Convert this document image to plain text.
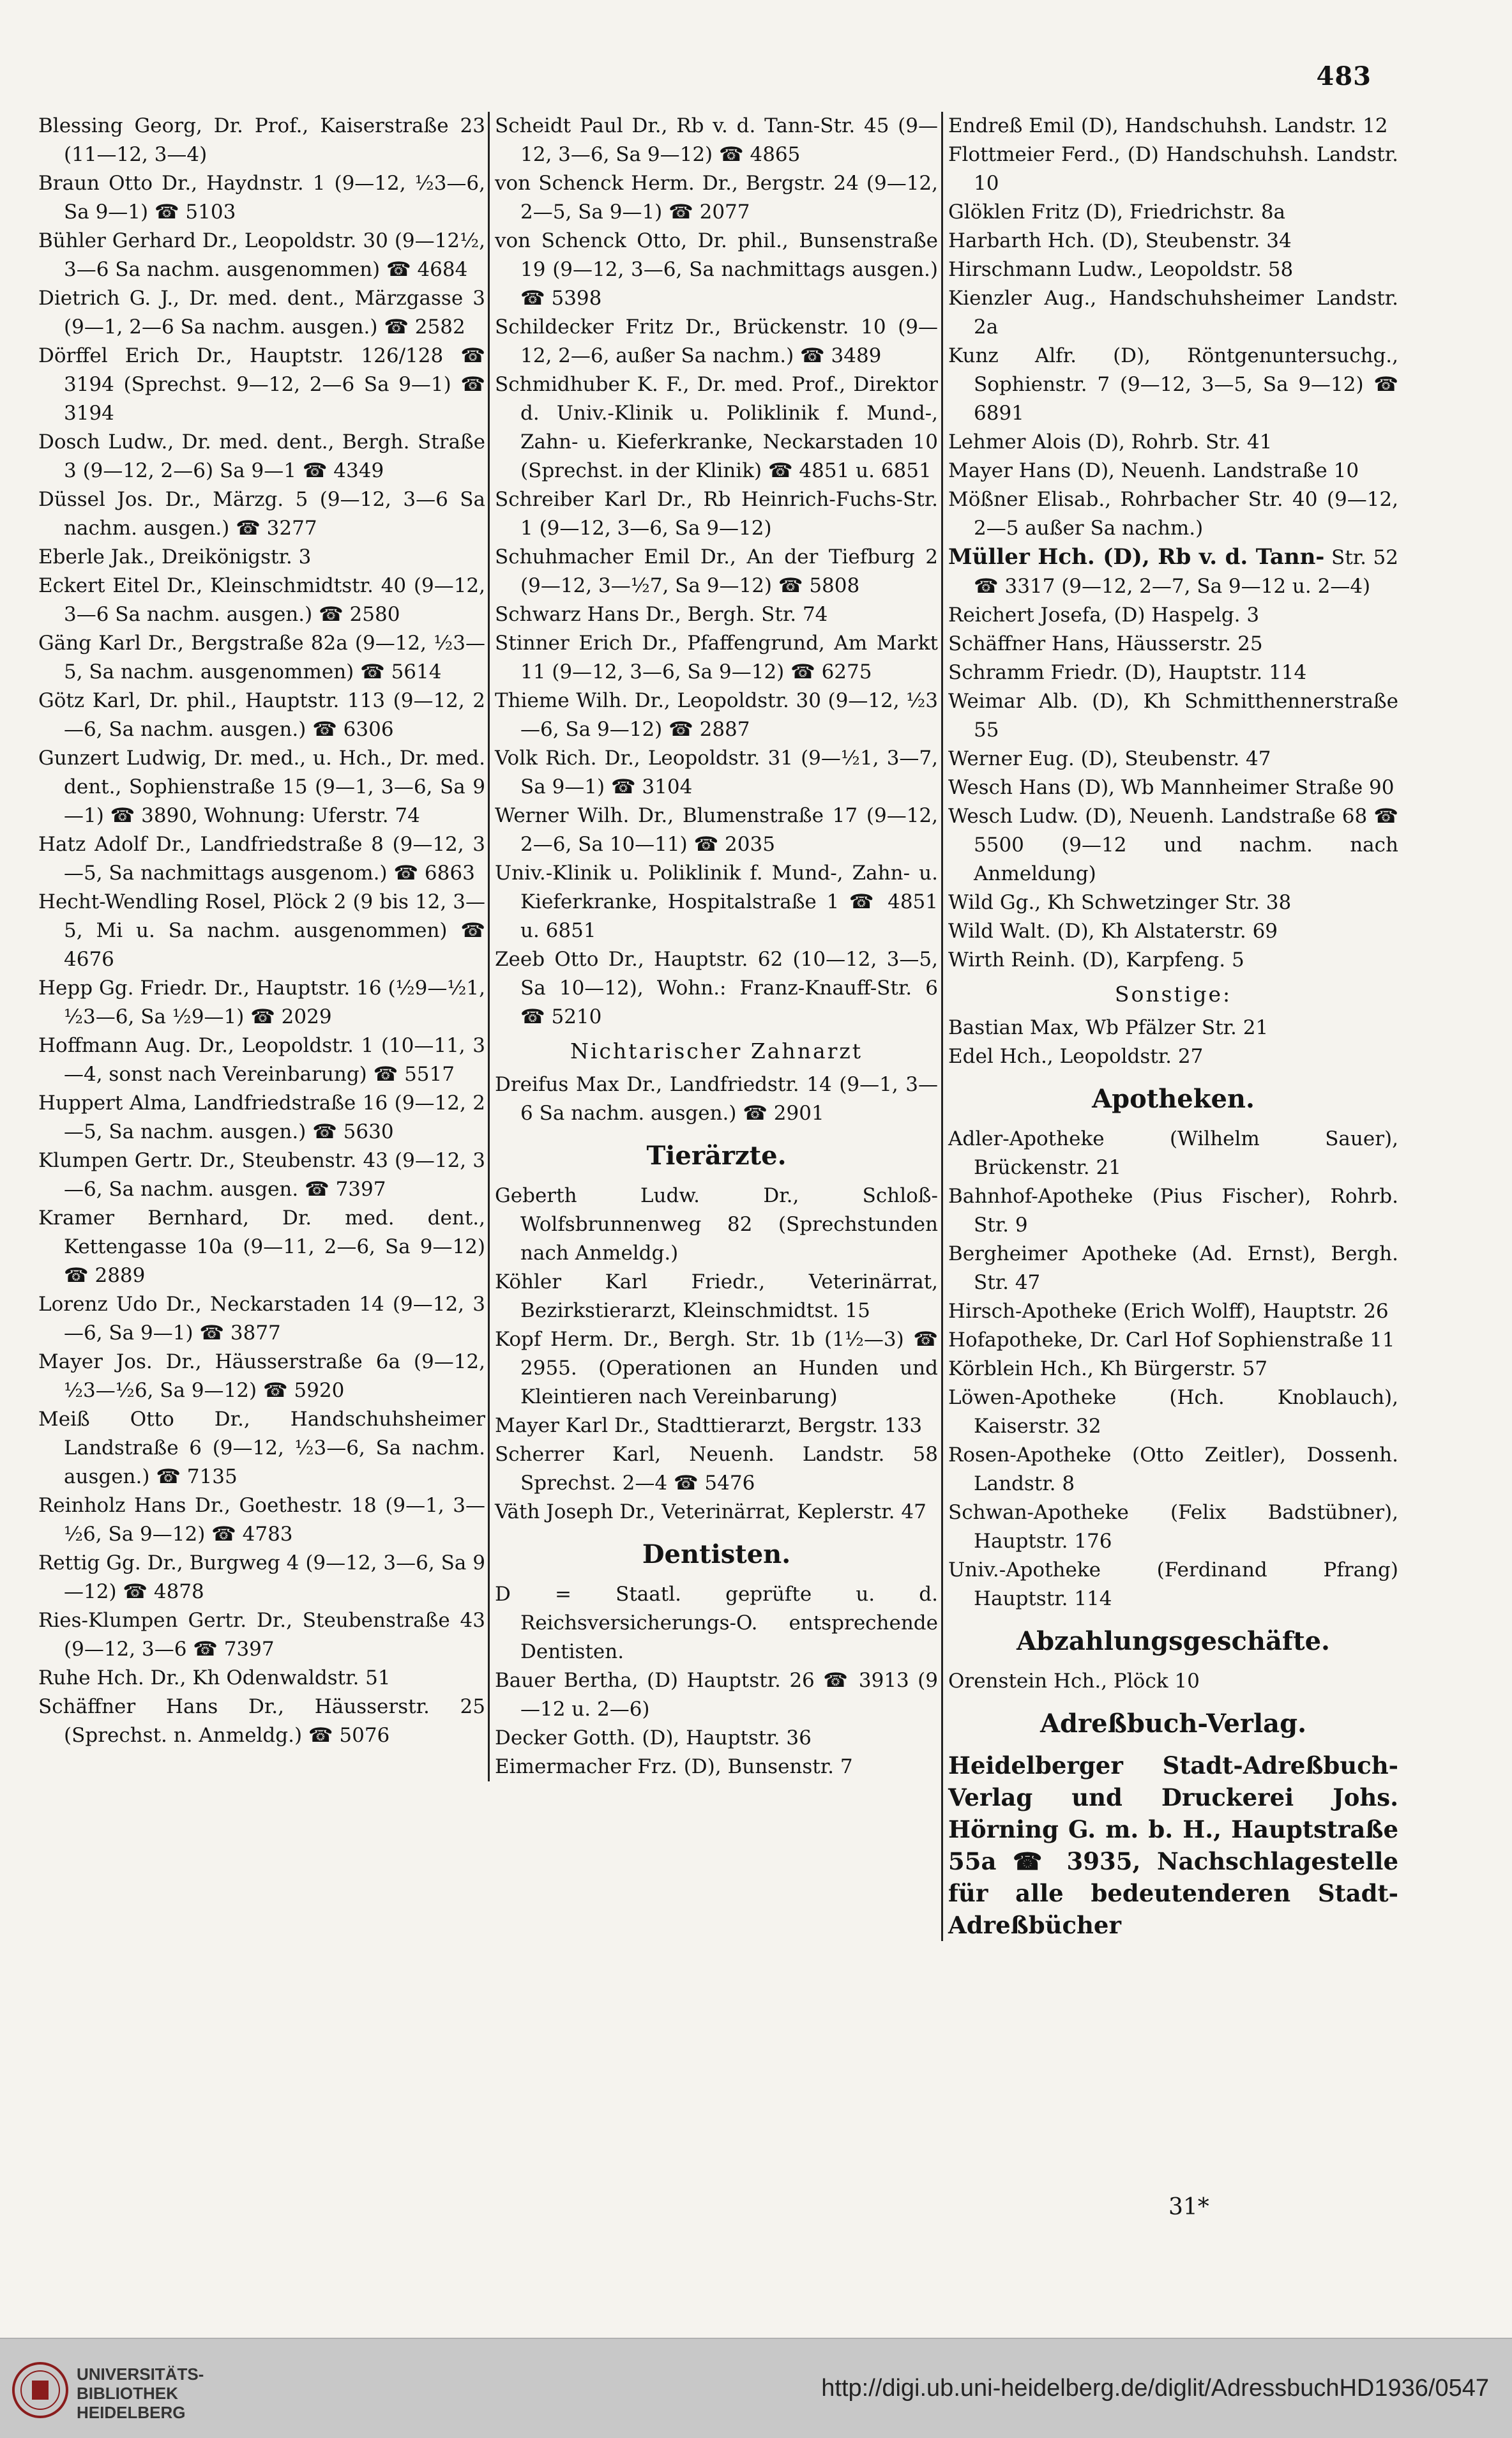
483

Blessing Georg, Dr. Prof., Kaiserstraße 23 (11—12, 3—4)

Braun Otto Dr., Haydnstr. 1 (9—12, ½3—6, Sa 9—1) ☎ 5103

Bühler Gerhard Dr., Leopoldstr. 30 (9—12½, 3—6 Sa nachm. ausgenommen) ☎ 4684

Dietrich G. J., Dr. med. dent., Märzgasse 3 (9—1, 2—6 Sa nachm. ausgen.) ☎ 2582

Dörffel Erich Dr., Hauptstr. 126/128 ☎ 3194 (Sprechst. 9—12, 2—6 Sa 9—1) ☎ 3194

Dosch Ludw., Dr. med. dent., Bergh. Straße 3 (9—12, 2—6) Sa 9—1 ☎ 4349

Düssel Jos. Dr., Märzg. 5 (9—12, 3—6 Sa nachm. ausgen.) ☎ 3277

Eberle Jak., Dreikönigstr. 3

Eckert Eitel Dr., Kleinschmidtstr. 40 (9—12, 3—6 Sa nachm. ausgen.) ☎ 2580

Gäng Karl Dr., Bergstraße 82a (9—12, ½3—5, Sa nachm. ausgenommen) ☎ 5614

Götz Karl, Dr. phil., Hauptstr. 113 (9—12, 2—6, Sa nachm. ausgen.) ☎ 6306

Gunzert Ludwig, Dr. med., u. Hch., Dr. med. dent., Sophienstraße 15 (9—1, 3—6, Sa 9—1) ☎ 3890, Wohnung: Uferstr. 74

Hatz Adolf Dr., Landfriedstraße 8 (9—12, 3—5, Sa nachmittags ausgenom.) ☎ 6863

Hecht-Wendling Rosel, Plöck 2 (9 bis 12, 3—5, Mi u. Sa nachm. ausgenommen) ☎ 4676

Hepp Gg. Friedr. Dr., Hauptstr. 16 (½9—½1, ½3—6, Sa ½9—1) ☎ 2029

Hoffmann Aug. Dr., Leopoldstr. 1 (10—11, 3—4, sonst nach Vereinbarung) ☎ 5517

Huppert Alma, Landfriedstraße 16 (9—12, 2—5, Sa nachm. ausgen.) ☎ 5630

Klumpen Gertr. Dr., Steubenstr. 43 (9—12, 3—6, Sa nachm. ausgen. ☎ 7397

Kramer Bernhard, Dr. med. dent., Kettengasse 10a (9—11, 2—6, Sa 9—12) ☎ 2889

Lorenz Udo Dr., Neckarstaden 14 (9—12, 3—6, Sa 9—1) ☎ 3877

Mayer Jos. Dr., Häusserstraße 6a (9—12, ½3—½6, Sa 9—12) ☎ 5920

Meiß Otto Dr., Handschuhsheimer Landstraße 6 (9—12, ½3—6, Sa nachm. ausgen.) ☎ 7135

Reinholz Hans Dr., Goethestr. 18 (9—1, 3—½6, Sa 9—12) ☎ 4783

Rettig Gg. Dr., Burgweg 4 (9—12, 3—6, Sa 9—12) ☎ 4878

Ries-Klumpen Gertr. Dr., Steubenstraße 43 (9—12, 3—6 ☎ 7397

Ruhe Hch. Dr., Kh Odenwaldstr. 51

Schäffner Hans Dr., Häusserstr. 25 (Sprechst. n. Anmeldg.) ☎ 5076

Scheidt Paul Dr., Rb v. d. Tann-Str. 45 (9—12, 3—6, Sa 9—12) ☎ 4865

von Schenck Herm. Dr., Bergstr. 24 (9—12, 2—5, Sa 9—1) ☎ 2077

von Schenck Otto, Dr. phil., Bunsenstraße 19 (9—12, 3—6, Sa nachmittags ausgen.) ☎ 5398

Schildecker Fritz Dr., Brückenstr. 10 (9—12, 2—6, außer Sa nachm.) ☎ 3489

Schmidhuber K. F., Dr. med. Prof., Direktor d. Univ.-Klinik u. Poliklinik f. Mund-, Zahn- u. Kieferkranke, Neckarstaden 10 (Sprechst. in der Klinik) ☎ 4851 u. 6851

Schreiber Karl Dr., Rb Heinrich-Fuchs-Str. 1 (9—12, 3—6, Sa 9—12)

Schuhmacher Emil Dr., An der Tiefburg 2 (9—12, 3—½7, Sa 9—12) ☎ 5808

Schwarz Hans Dr., Bergh. Str. 74

Stinner Erich Dr., Pfaffengrund, Am Markt 11 (9—12, 3—6, Sa 9—12) ☎ 6275

Thieme Wilh. Dr., Leopoldstr. 30 (9—12, ½3—6, Sa 9—12) ☎ 2887

Volk Rich. Dr., Leopoldstr. 31 (9—½1, 3—7, Sa 9—1) ☎ 3104

Werner Wilh. Dr., Blumenstraße 17 (9—12, 2—6, Sa 10—11) ☎ 2035

Univ.-Klinik u. Poliklinik f. Mund-, Zahn- u. Kieferkranke, Hospitalstraße 1 ☎ 4851 u. 6851

Zeeb Otto Dr., Hauptstr. 62 (10—12, 3—5, Sa 10—12), Wohn.: Franz-Knauff-Str. 6 ☎ 5210

Nichtarischer Zahnarzt

Dreifus Max Dr., Landfriedstr. 14 (9—1, 3—6 Sa nachm. ausgen.) ☎ 2901

Tierärzte.

Geberth Ludw. Dr., Schloß-Wolfsbrunnenweg 82 (Sprechstunden nach Anmeldg.)

Köhler Karl Friedr., Veterinärrat, Bezirkstierarzt, Kleinschmidtst. 15

Kopf Herm. Dr., Bergh. Str. 1b (1½—3) ☎ 2955. (Operationen an Hunden und Kleintieren nach Vereinbarung)

Mayer Karl Dr., Stadttierarzt, Bergstr. 133

Scherrer Karl, Neuenh. Landstr. 58 Sprechst. 2—4 ☎ 5476

Väth Joseph Dr., Veterinärrat, Keplerstr. 47

Dentisten.

D = Staatl. geprüfte u. d. Reichsversicherungs-O. entsprechende Dentisten.

Bauer Bertha, (D) Hauptstr. 26 ☎ 3913 (9—12 u. 2—6)

Decker Gotth. (D), Hauptstr. 36

Eimermacher Frz. (D), Bunsenstr. 7

Endreß Emil (D), Handschuhsh. Landstr. 12

Flottmeier Ferd., (D) Handschuhsh. Landstr. 10

Glöklen Fritz (D), Friedrichstr. 8a

Harbarth Hch. (D), Steubenstr. 34

Hirschmann Ludw., Leopoldstr. 58

Kienzler Aug., Handschuhsheimer Landstr. 2a

Kunz Alfr. (D), Röntgenuntersuchg., Sophienstr. 7 (9—12, 3—5, Sa 9—12) ☎ 6891

Lehmer Alois (D), Rohrb. Str. 41

Mayer Hans (D), Neuenh. Landstraße 10

Mößner Elisab., Rohrbacher Str. 40 (9—12, 2—5 außer Sa nachm.)

Müller Hch. (D), Rb v. d. Tann- Str. 52 ☎ 3317 (9—12, 2—7, Sa 9—12 u. 2—4)

Reichert Josefa, (D) Haspelg. 3

Schäffner Hans, Häusserstr. 25

Schramm Friedr. (D), Hauptstr. 114

Weimar Alb. (D), Kh Schmitthennerstraße 55

Werner Eug. (D), Steubenstr. 47

Wesch Hans (D), Wb Mannheimer Straße 90

Wesch Ludw. (D), Neuenh. Landstraße 68 ☎ 5500 (9—12 und nachm. nach Anmeldung)

Wild Gg., Kh Schwetzinger Str. 38

Wild Walt. (D), Kh Alstaterstr. 69

Wirth Reinh. (D), Karpfeng. 5

Sonstige:

Bastian Max, Wb Pfälzer Str. 21

Edel Hch., Leopoldstr. 27

Apotheken.

Adler-Apotheke (Wilhelm Sauer), Brückenstr. 21

Bahnhof-Apotheke (Pius Fischer), Rohrb. Str. 9

Bergheimer Apotheke (Ad. Ernst), Bergh. Str. 47

Hirsch-Apotheke (Erich Wolff), Hauptstr. 26

Hofapotheke, Dr. Carl Hof Sophienstraße 11

Körblein Hch., Kh Bürgerstr. 57

Löwen-Apotheke (Hch. Knoblauch), Kaiserstr. 32

Rosen-Apotheke (Otto Zeitler), Dossenh. Landstr. 8

Schwan-Apotheke (Felix Badstübner), Hauptstr. 176

Univ.-Apotheke (Ferdinand Pfrang) Hauptstr. 114

Abzahlungsgeschäfte.

Orenstein Hch., Plöck 10

Adreßbuch-Verlag.
Heidelberger Stadt-Adreßbuch-Verlag und Druckerei Johs. Hörning G. m. b. H., Hauptstraße 55a ☎ 3935, Nachschlagestelle für alle bedeutenderen Stadt-Adreßbücher
31*
UNIVERSITÄTS-
BIBLIOTHEK
HEIDELBERG
http://digi.ub.uni-heidelberg.de/diglit/AdressbuchHD1936/0547
